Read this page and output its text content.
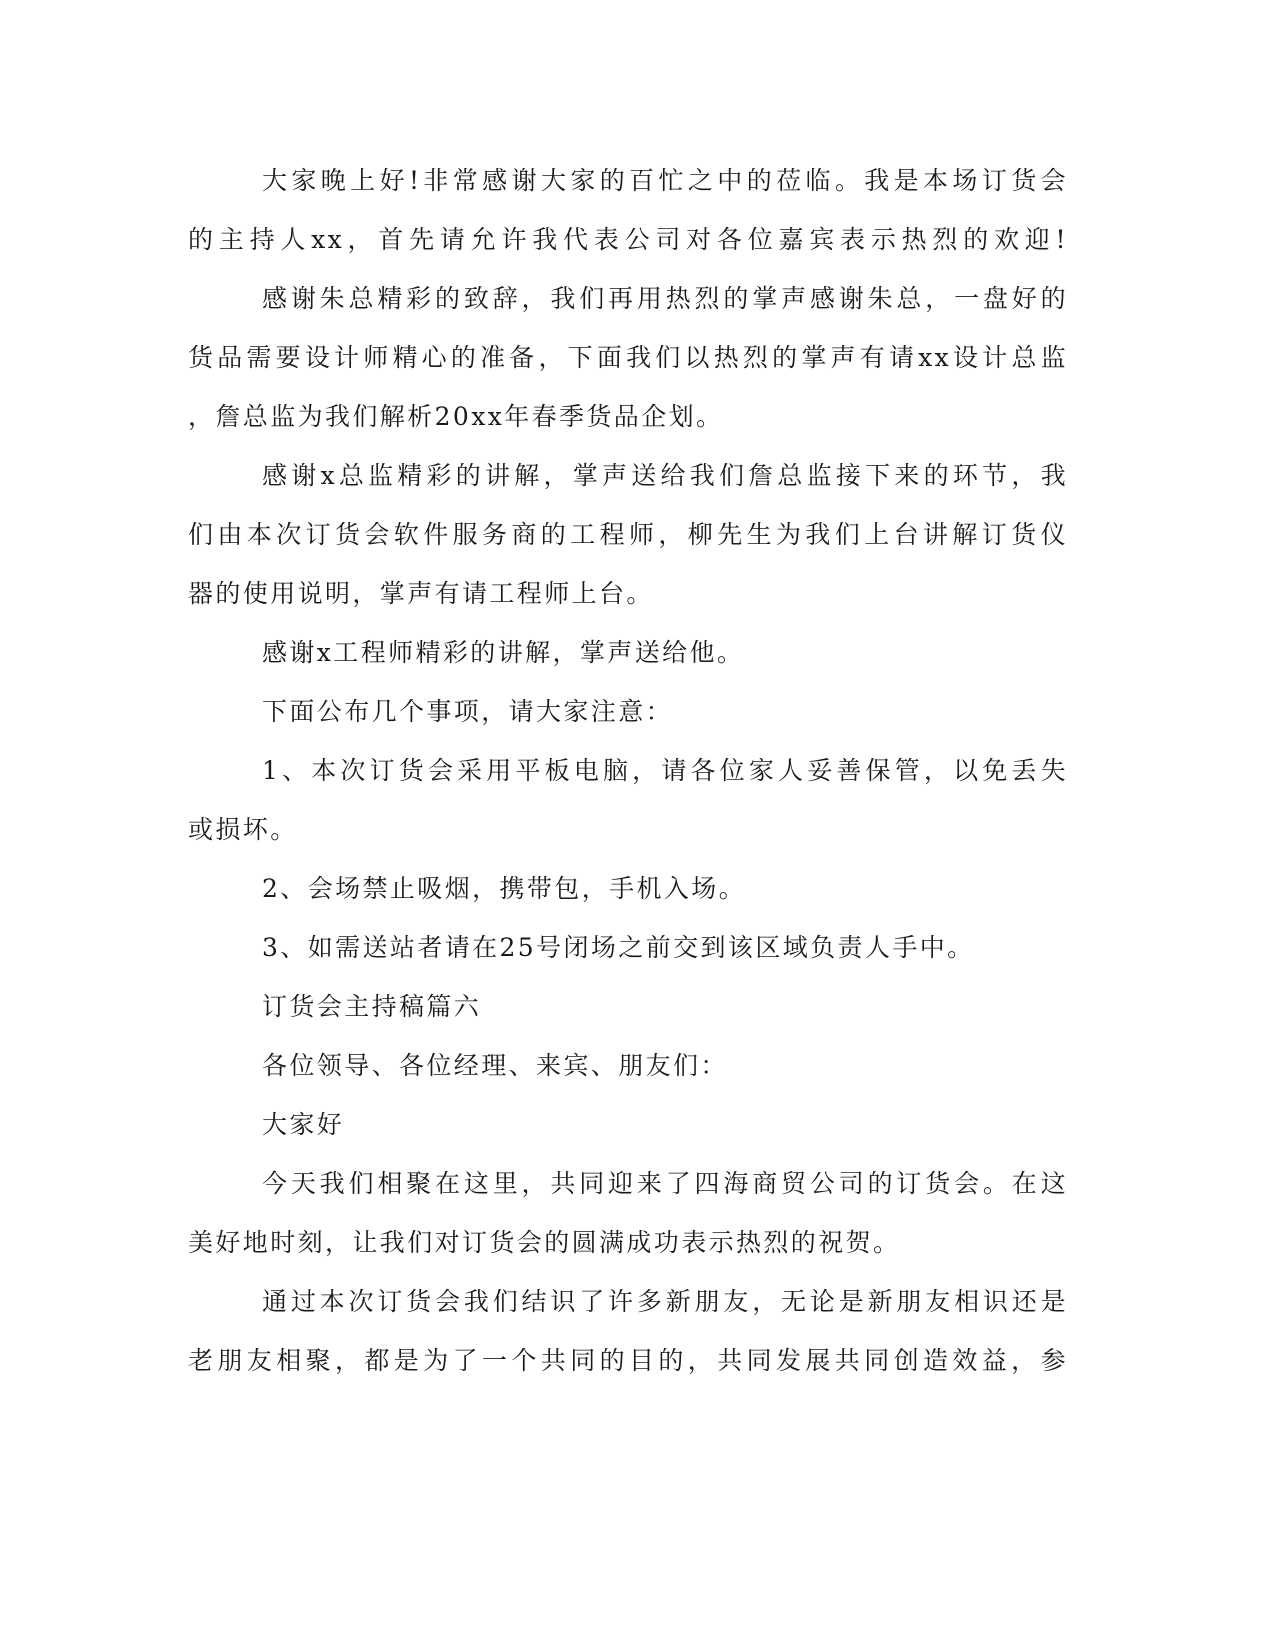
大家晚上好!非常感谢大家的百忙之中的莅临。我是本场订货会
的主持人xx，首先请允许我代表公司对各位嘉宾表示热烈的欢迎!
感谢朱总精彩的致辞，我们再用热烈的掌声感谢朱总，一盘好的
货品需要设计师精心的准备，下面我们以热烈的掌声有请xx设计总监
，詹总监为我们解析20xx年春季货品企划。
感谢x总监精彩的讲解，掌声送给我们詹总监接下来的环节，我
们由本次订货会软件服务商的工程师，柳先生为我们上台讲解订货仪
器的使用说明，掌声有请工程师上台。
感谢x工程师精彩的讲解，掌声送给他。
下面公布几个事项，请大家注意：
1、本次订货会采用平板电脑，请各位家人妥善保管，以免丢失
或损坏。
2、会场禁止吸烟，携带包，手机入场。
3、如需送站者请在25号闭场之前交到该区域负责人手中。
订货会主持稿篇六
各位领导、各位经理、来宾、朋友们：
大家好
今天我们相聚在这里，共同迎来了四海商贸公司的订货会。在这
美好地时刻，让我们对订货会的圆满成功表示热烈的祝贺。
通过本次订货会我们结识了许多新朋友，无论是新朋友相识还是
老朋友相聚，都是为了一个共同的目的，共同发展共同创造效益，参
